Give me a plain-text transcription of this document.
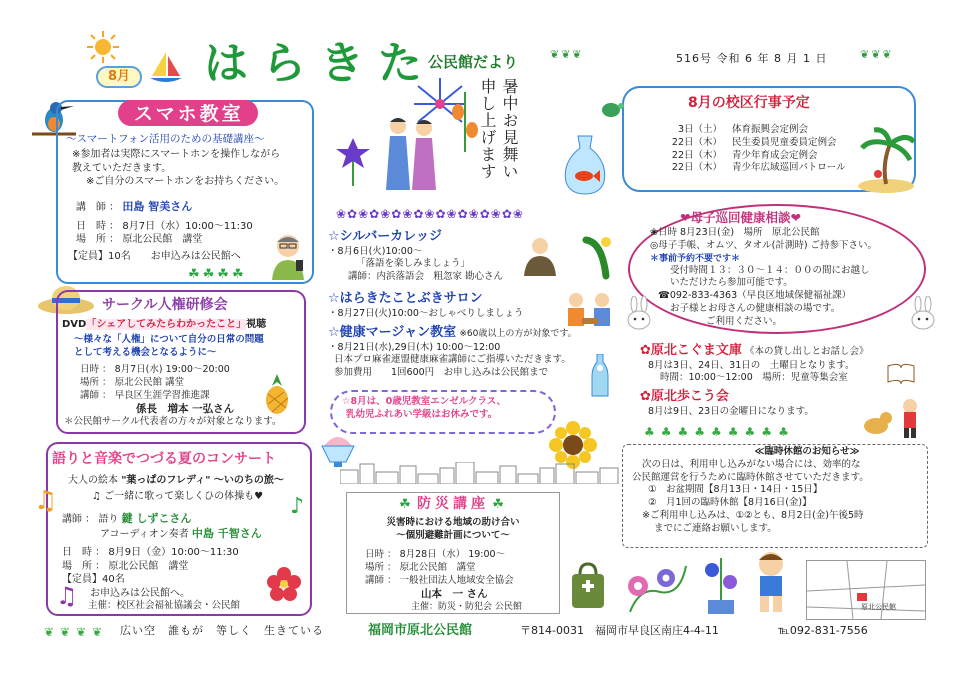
8月 はらきた
公民館だより	❦❦❦	516号 令和 6 年 8 月 1 日	❦❦❦
スマホ教室
～スマートフォン活用のための基礎講座～
※参加者は実際にスマートホンを操作しながら
教えていただきます。
※ご自分のスマートホンをお持ちください。
講　師 ： 田島 智美さん
日　時 ： 8月7日（水）10:00～11:30
場　所 ： 原北公民館　講堂
【定員】10名　　お申込みは公民館へ
☘☘☘☘
サークル人権研修会
DVD「シェアしてみたらわかったこと」視聴
～様々な「人権」について自分の日常の問題
として考える機会となるように～
日時 ： 8月7日(水) 19:00～20:00
場所 ： 原北公民館 講堂
講師 ： 早良区生涯学習推進課
係長　増本 一弘さん
＊公民館サークル代表者の方々が対象となります。
語りと音楽でつづる夏のコンサート
大人の絵本 "葉っぱのフレディ" ～いのちの旅～
♫ ご一緒に歌って楽しくひの体操も♥
講師 ： 語り 鍵 しずこさん
アコーディオン奏者 中島 千智さん
日　時 ： 8月9日（金）10:00～11:30
場　所 ： 原北公民館　講堂
【定員】40名
お申込みは公民館へ。
主催：校区社会福祉協議会・公民館
♫	♪
♫
暑中お見舞い申し上げます
❀✿❀✿❀✿❀✿❀✿❀✿❀✿❀✿❀
☆シルバーカレッジ
・8月6日(火)10:00～
「落語を楽しみましょう」
講師：内浜落語会　粗忽家 勘心さん
☆はらきたことぶきサロン
・8月27日(火)10:00～おしゃべりしましょう
☆健康マージャン教室 ※60歳以上の方が対象です。
・8月21日(水),29日(木) 10:00～12:00
日本プロ麻雀連盟健康麻雀講師にご指導いただきます。
参加費用　　1回600円　お申し込みは公民館まで
☆8月は、0歳児教室エンゼルクラス、
乳幼児ふれあい学級はお休みです。
☘ 防災講座 ☘
災害時における地域の助け合い
～個別避難計画について～
日時 ： 8月28日（水） 19:00～
場所 ： 原北公民館　講堂
講師 ： 一般社団法人地域安全協会
山本　一 さん
主催：防災・防犯会 公民館
8月の校区行事予定
3日（土） 体育振興会定例会
22日（木） 民生委員児童委員定例会
22日（木） 青少年育成会定例会
22日（木） 青少年広域巡回パトロール
❤母子巡回健康相談❤
❀日時 8月23日(金)　場所　原北公民館
◎母子手帳、オムツ、タオル(計測時) ご持参下さい。
＊事前予約不要です＊
受付時間１３：３０～１４：００の間にお越し
いただけたら参加可能です。
☎092-833-4363（早良区地域保健福祉課）
お子様とお母さんの健康相談の場です。
ご利用ください。
✿原北こぐま文庫 《本の貸し出しとお話し会》
8月は3日、24日、31日の　土曜日となります。
時間：10:00～12:00　場所：児童等集会室
✿原北歩こう会
8月は9日、23日の金曜日になります。
♣♣♣♣♣♣♣♣♣
≪臨時休館のお知らせ≫
次の日は、利用申し込みがない場合には、効率的な
公民館運営を行うために臨時休館させていただきます。
①　お盆期間【8月13日・14日・15日】
②　月1回の臨時休館【8月16日(金)】
※ご利用申し込みは、①②とも、8月2日(金)午後5時
までにご連絡お願いします。
原北公民館
❦❦❦❦ 広い空　誰もが　等しく　生きている	福岡市原北公民館	〒814-0031　福岡市早良区南庄4-4-11	℡092-831-7556
